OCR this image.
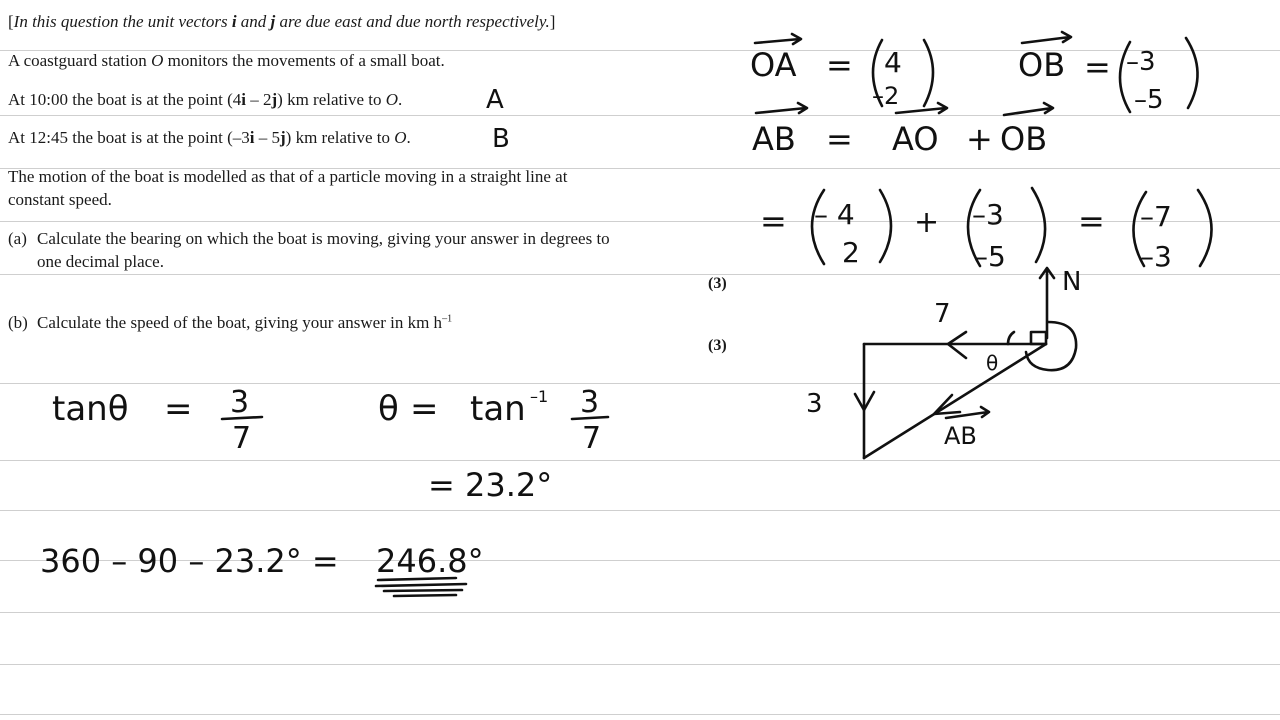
[In this question the unit vectors i and j are due east and due north respectively.]
A coastguard station O monitors the movements of a small boat.
At 10:00 the boat is at the point (4i – 2j) km relative to O.
At 12:45 the boat is at the point (–3i – 5j) km relative to O.
The motion of the boat is modelled as that of a particle moving in a straight line at
constant speed.
(a) Calculate the bearing on which the boat is moving, giving your answer in degrees to
one decimal place.
(3)
(b) Calculate the speed of the boat, giving your answer in km $h^{-1}$
(3)
A
B
OA = 4
–2
OB = –3
–5
AB = AO + OB
= – 4
2
+ –3
–5
= –7
–3
N
7
3
θ
AB
tanθ = 3
7
θ = tan –1 3
7
= 23.2°
360 – 90 – 23.2° = 246.8°
